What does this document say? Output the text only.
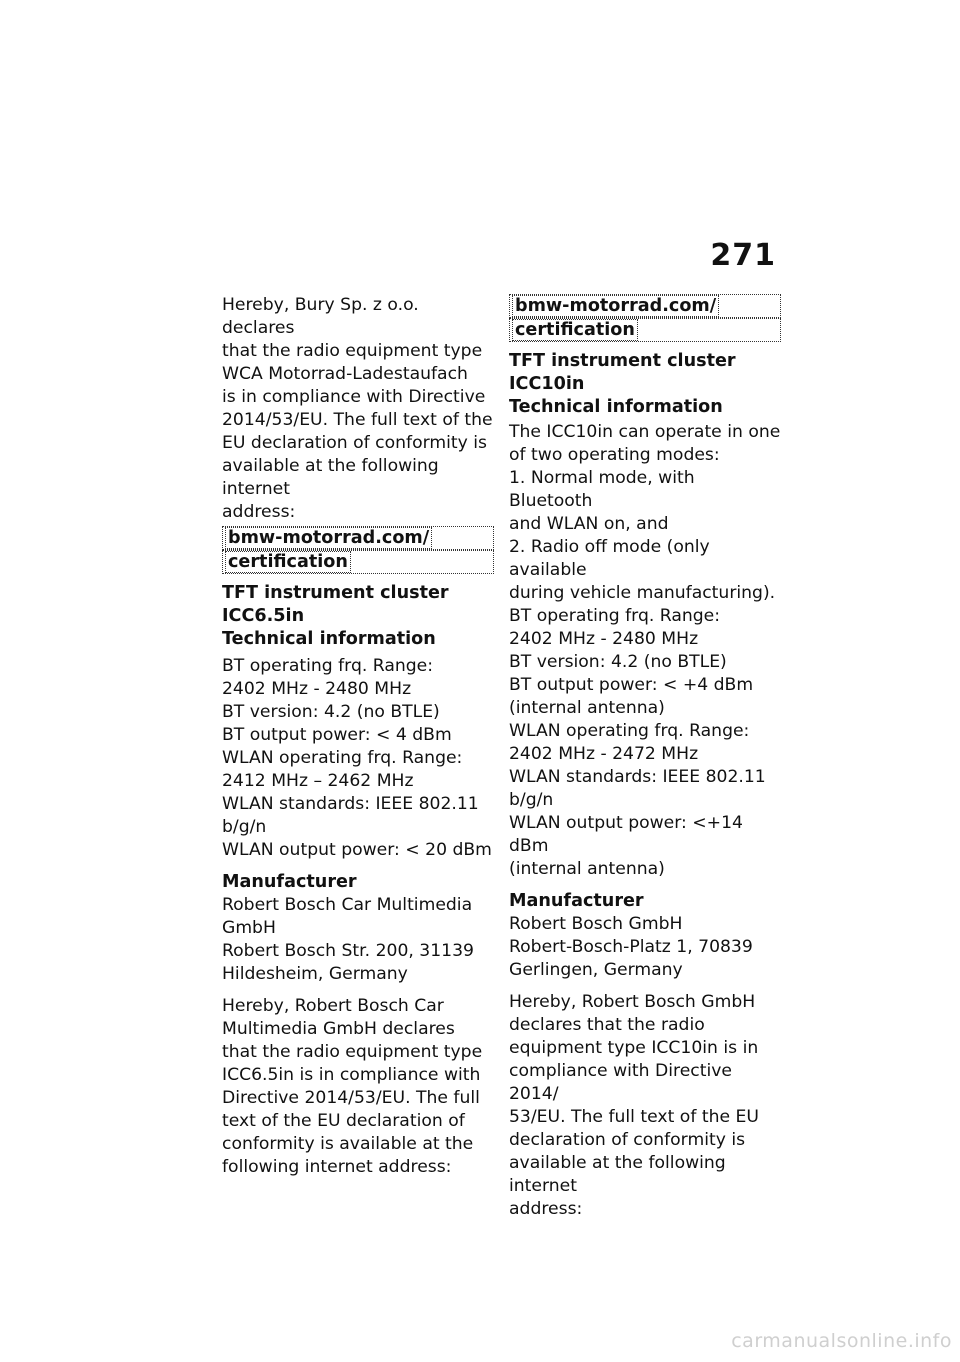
271

Hereby, Bury Sp. z o.o. declares
that the radio equipment type
WCA Motorrad-Ladestaufach
is in compliance with Directive
2014/53/EU. The full text of the
EU declaration of conformity is
available at the following internet
address:

bmw-motorrad.com/
certification

TFT instrument cluster
ICC6.5in

Technical information

BT operating frq. Range:
2402 MHz - 2480 MHz
BT version: 4.2 (no BTLE)
BT output power: < 4 dBm
WLAN operating frq. Range:
2412 MHz – 2462 MHz
WLAN standards: IEEE 802.11
b/g/n
WLAN output power: < 20 dBm

Manufacturer

Robert Bosch Car Multimedia
GmbH
Robert Bosch Str. 200, 31139
Hildesheim, Germany

Hereby, Robert Bosch Car
Multimedia GmbH declares
that the radio equipment type
ICC6.5in is in compliance with
Directive 2014/53/EU. The full
text of the EU declaration of
conformity is available at the
following internet address:

bmw-motorrad.com/
certification

TFT instrument cluster
ICC10in

Technical information

The ICC10in can operate in one
of two operating modes:
1. Normal mode, with Bluetooth
and WLAN on, and
2. Radio off mode (only available
during vehicle manufacturing).
BT operating frq. Range:
2402 MHz - 2480 MHz
BT version: 4.2 (no BTLE)
BT output power: < +4 dBm
(internal antenna)
WLAN operating frq. Range:
2402 MHz - 2472 MHz
WLAN standards: IEEE 802.11
b/g/n
WLAN output power: <+14 dBm
(internal antenna)

Manufacturer

Robert Bosch GmbH
Robert-Bosch-Platz 1, 70839
Gerlingen, Germany

Hereby, Robert Bosch GmbH
declares that the radio
equipment type ICC10in is in
compliance with Directive 2014/
53/EU. The full text of the EU
declaration of conformity is
available at the following internet
address:

carmanualsonline.info
